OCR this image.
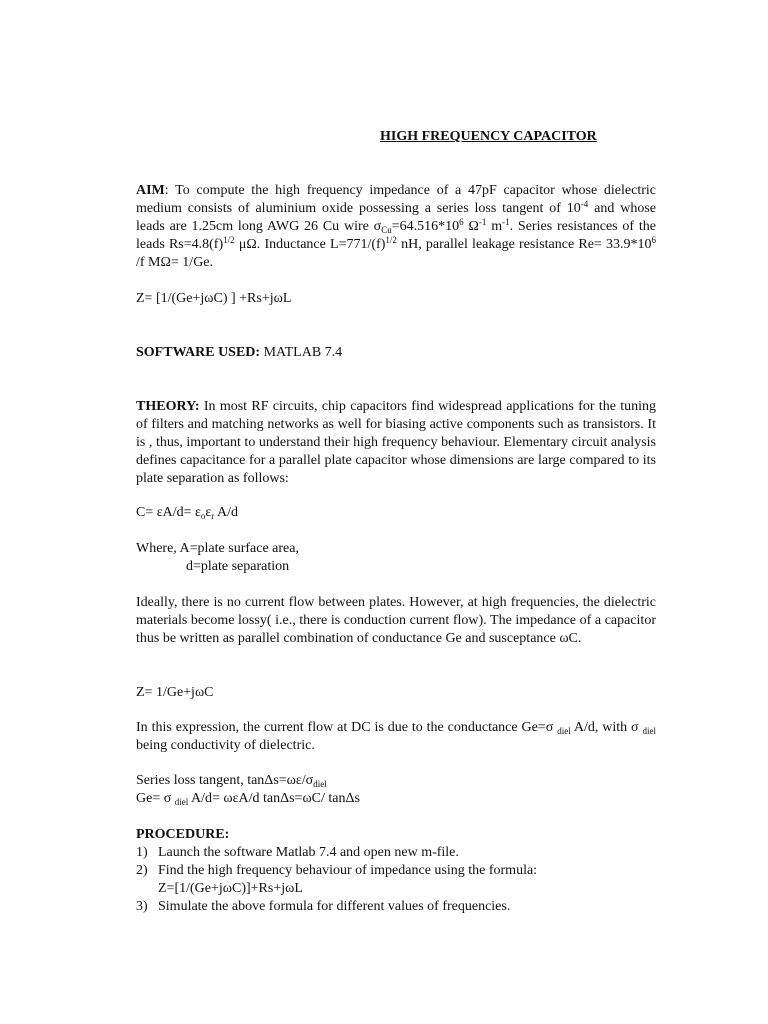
HIGH FREQUENCY CAPACITOR
AIM: To compute the high frequency impedance of a 47pF capacitor whose dielectric medium consists of aluminium oxide possessing a series loss tangent of $10^{-4}$ and whose leads are 1.25cm long AWG 26 Cu wire $\sigma_{Cu}=64.516*10^6$ $\Omega^{-1}$ $m^{-1}$. Series resistances of the leads $Rs=4.8(f)^{1/2}$ μΩ. Inductance $L=771/(f)^{1/2}$ nH, parallel leakage resistance $Re= 33.9*10^6$ /f MΩ= 1/Ge.
Z= [1/(Ge+jωC) ] +Rs+jωL
SOFTWARE USED: MATLAB 7.4
THEORY: In most RF circuits, chip capacitors find widespread applications for the tuning of filters and matching networks as well for biasing active components such as transistors. It is , thus, important to understand their high frequency behaviour. Elementary circuit analysis defines capacitance for a parallel plate capacitor whose dimensions are large compared to its plate separation as follows:
$C= \varepsilon A/d= \varepsilon_o\varepsilon_r$ A/d
Where, A=plate surface area,
d=plate separation
Ideally, there is no current flow between plates. However, at high frequencies, the dielectric materials become lossy( i.e., there is conduction current flow). The impedance of a capacitor thus be written as parallel combination of conductance Ge and susceptance ωC.
Z= 1/Ge+jωC
In this expression, the current flow at DC is due to the conductance Ge=σ $_{diel}$ A/d, with σ $_{diel}$ being conductivity of dielectric.
Series loss tangent, $\tan\Delta s=\omega\varepsilon/\sigma_{diel}$
Ge= σ $_{diel}$ A/d= ωεA/d tanΔs=ωC/ tanΔs
PROCEDURE:
1) Launch the software Matlab 7.4 and open new m-file.
2) Find the high frequency behaviour of impedance using the formula:
Z=[1/(Ge+jωC)]+Rs+jωL
3) Simulate the above formula for different values of frequencies.
